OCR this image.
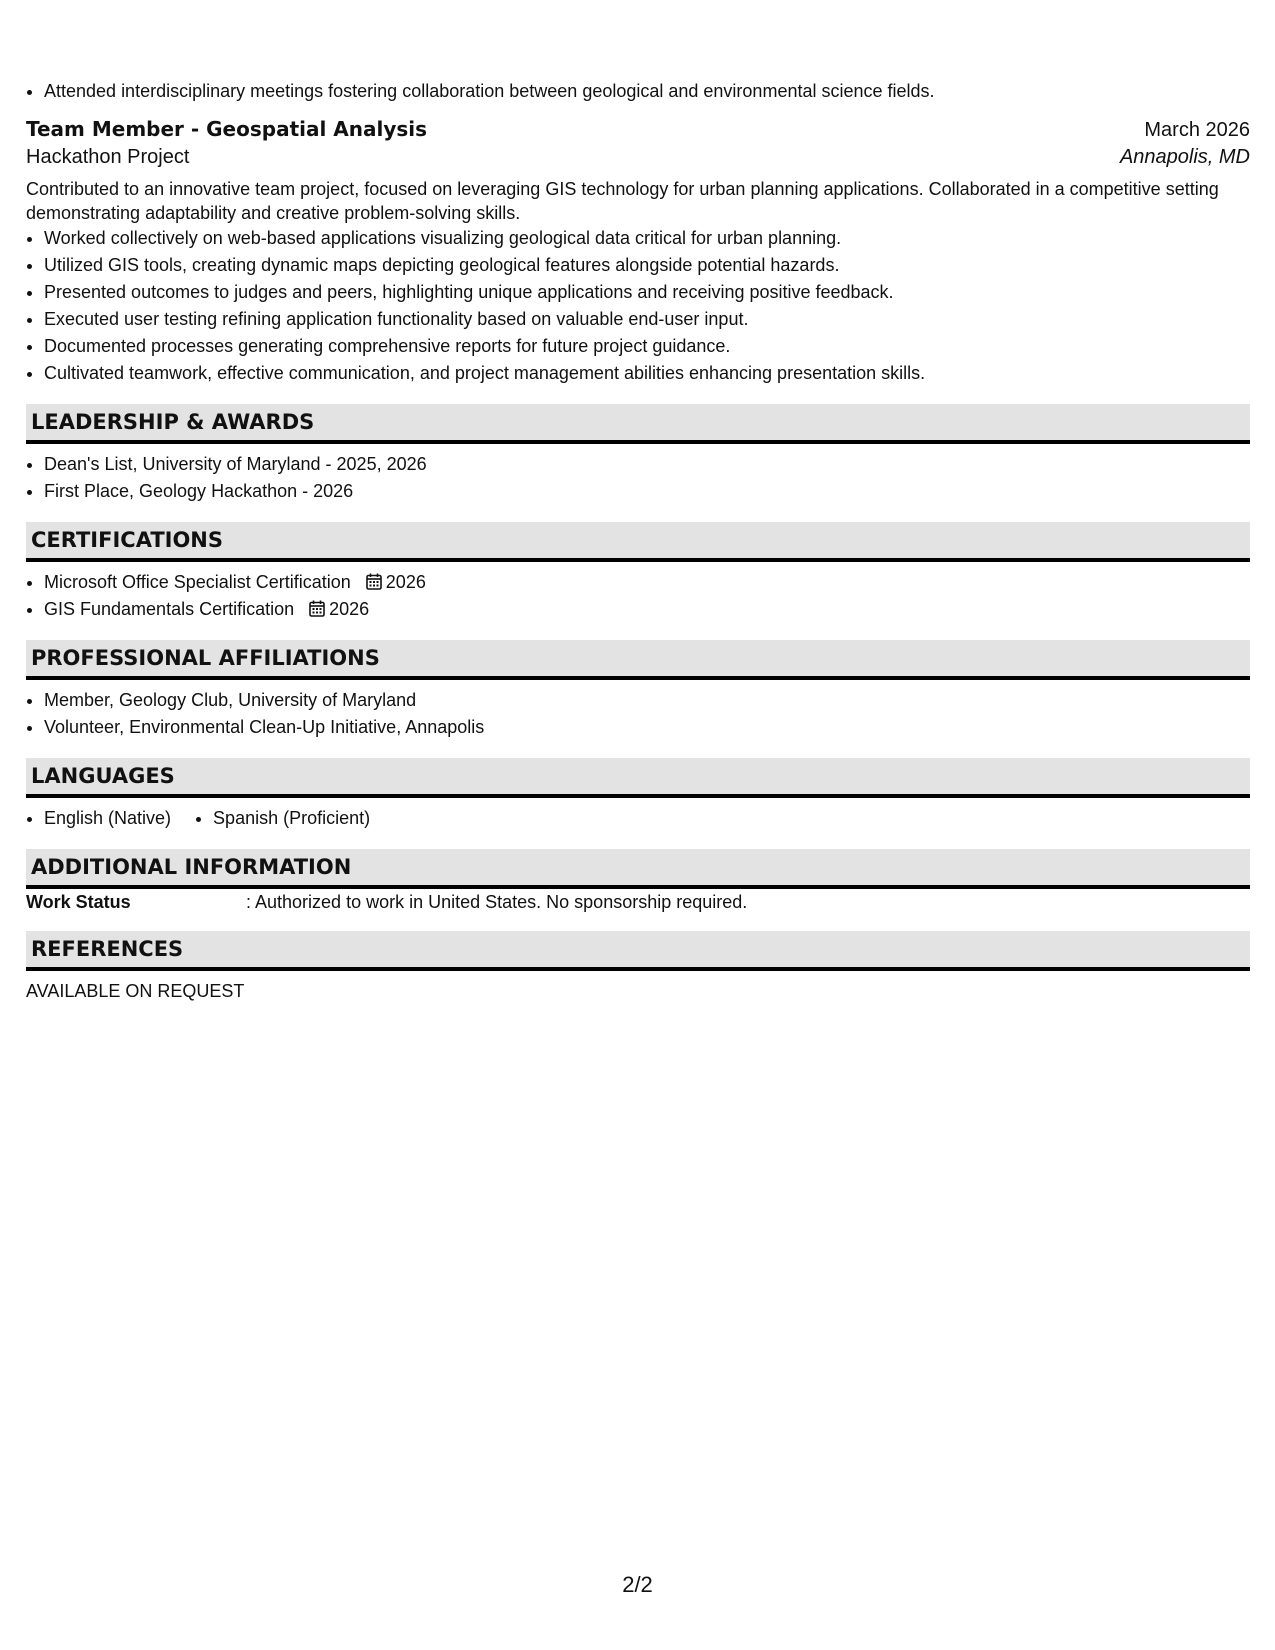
• Attended interdisciplinary meetings fostering collaboration between geological and environmental science fields.
Team Member - Geospatial Analysis	March 2026
Hackathon Project	Annapolis, MD
Contributed to an innovative team project, focused on leveraging GIS technology for urban planning applications. Collaborated in a competitive setting demonstrating adaptability and creative problem-solving skills.
• Worked collectively on web-based applications visualizing geological data critical for urban planning.
• Utilized GIS tools, creating dynamic maps depicting geological features alongside potential hazards.
• Presented outcomes to judges and peers, highlighting unique applications and receiving positive feedback.
• Executed user testing refining application functionality based on valuable end-user input.
• Documented processes generating comprehensive reports for future project guidance.
• Cultivated teamwork, effective communication, and project management abilities enhancing presentation skills.
LEADERSHIP & AWARDS
• Dean's List, University of Maryland - 2025, 2026
• First Place, Geology Hackathon - 2026
CERTIFICATIONS
• Microsoft Office Specialist Certification 2026
• GIS Fundamentals Certification 2026
PROFESSIONAL AFFILIATIONS
• Member, Geology Club, University of Maryland
• Volunteer, Environmental Clean-Up Initiative, Annapolis
LANGUAGES
• English (Native)
• Spanish (Proficient)
ADDITIONAL INFORMATION
Work Status	: Authorized to work in United States. No sponsorship required.
REFERENCES
AVAILABLE ON REQUEST
2/2
